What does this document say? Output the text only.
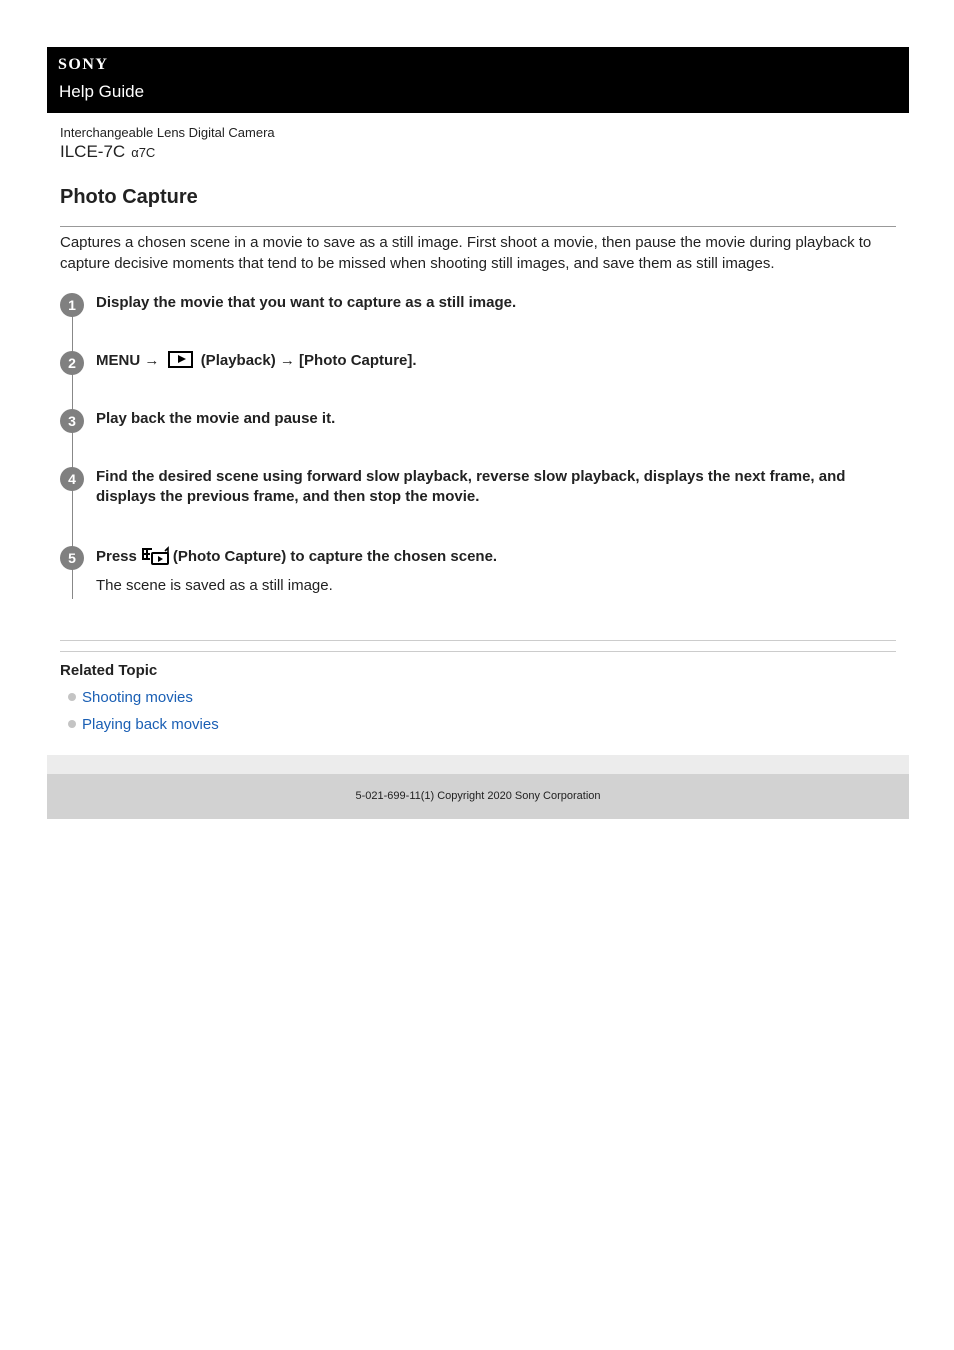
SONY
Help Guide
Interchangeable Lens Digital Camera
ILCE-7C α7C
Photo Capture

Captures a chosen scene in a movie to save as a still image. First shoot a movie, then pause the movie during playback to capture decisive moments that tend to be missed when shooting still images, and save them as still images.

1	Display the movie that you want to capture as a still image.

2	MENU →	(Playback) → [Photo Capture].

3	Play back the movie and pause it.

4	Find the desired scene using forward slow playback, reverse slow playback, displays the next frame, and displays the previous frame, and then stop the movie.

5	Press (Photo Capture) to capture the chosen scene.

The scene is saved as a still image.

Related Topic
Shooting movies
Playing back movies
5-021-699-11(1) Copyright 2020 Sony Corporation
